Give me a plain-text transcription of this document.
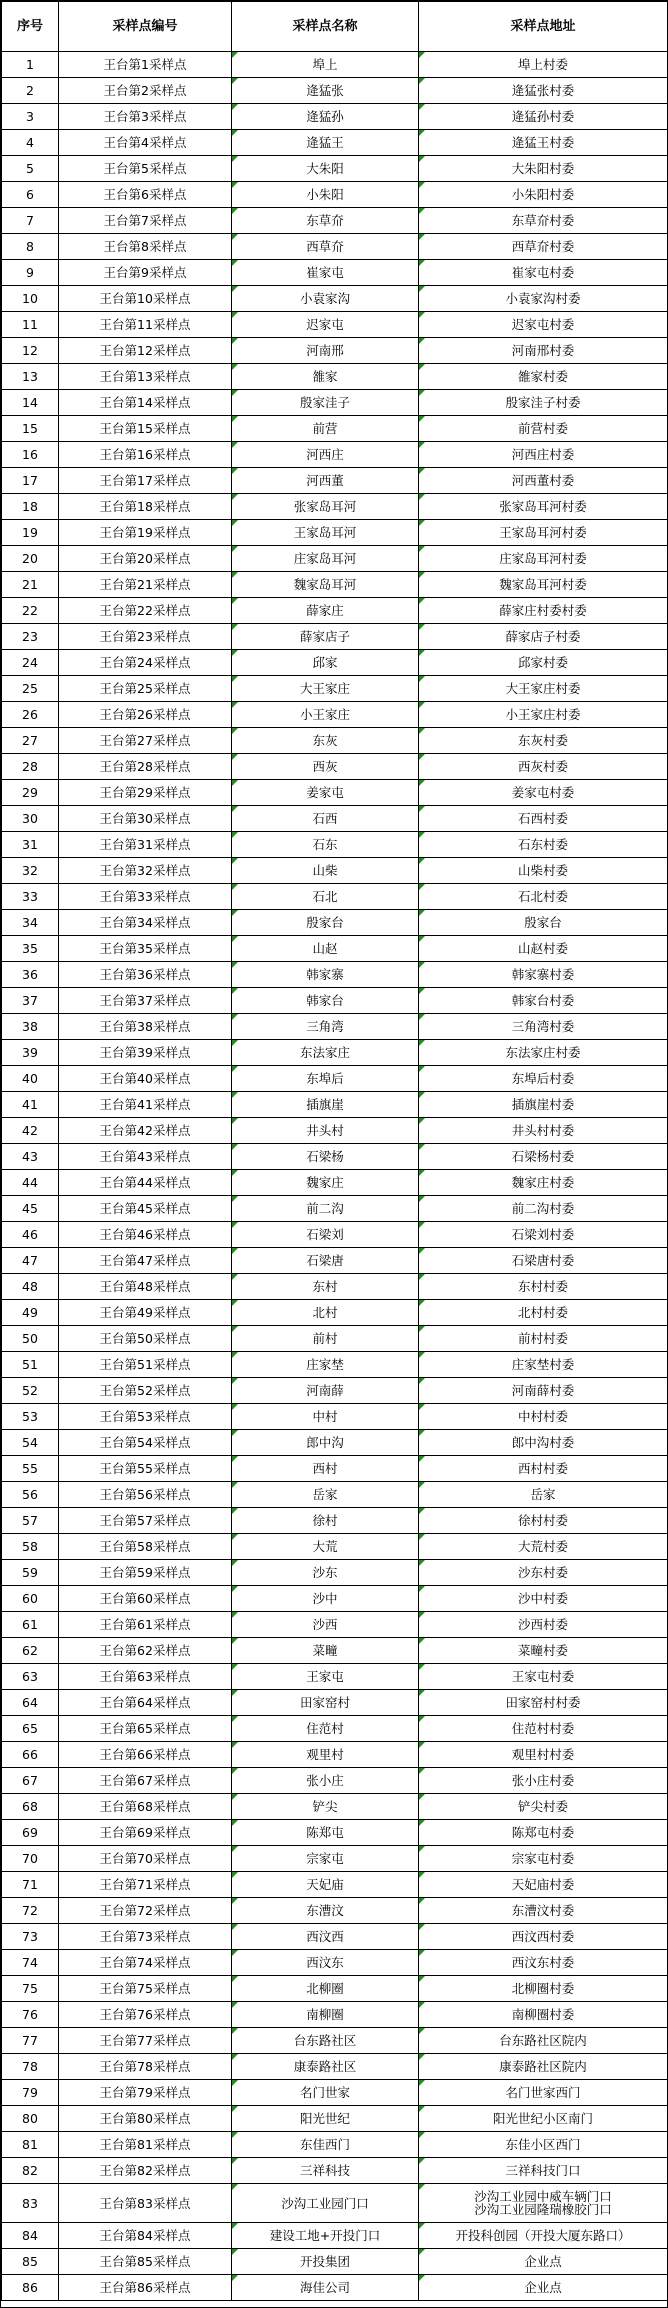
序号	采样点编号	采样点名称	采样点地址
1	王台第1采样点	埠上	埠上村委
2	王台第2采样点	逄猛张	逄猛张村委
3	王台第3采样点	逄猛孙	逄猛孙村委
4	王台第4采样点	逄猛王	逄猛王村委
5	王台第5采样点	大朱阳	大朱阳村委
6	王台第6采样点	小朱阳	小朱阳村委
7	王台第7采样点	东草夼	东草夼村委
8	王台第8采样点	西草夼	西草夼村委
9	王台第9采样点	崔家屯	崔家屯村委
10	王台第10采样点	小袁家沟	小袁家沟村委
11	王台第11采样点	迟家屯	迟家屯村委
12	王台第12采样点	河南邢	河南邢村委
13	王台第13采样点	雒家	雒家村委
14	王台第14采样点	殷家洼子	殷家洼子村委
15	王台第15采样点	前营	前营村委
16	王台第16采样点	河西庄	河西庄村委
17	王台第17采样点	河西董	河西董村委
18	王台第18采样点	张家岛耳河	张家岛耳河村委
19	王台第19采样点	王家岛耳河	王家岛耳河村委
20	王台第20采样点	庄家岛耳河	庄家岛耳河村委
21	王台第21采样点	魏家岛耳河	魏家岛耳河村委
22	王台第22采样点	薛家庄	薛家庄村委村委
23	王台第23采样点	薛家店子	薛家店子村委
24	王台第24采样点	邱家	邱家村委
25	王台第25采样点	大王家庄	大王家庄村委
26	王台第26采样点	小王家庄	小王家庄村委
27	王台第27采样点	东灰	东灰村委
28	王台第28采样点	西灰	西灰村委
29	王台第29采样点	姜家屯	姜家屯村委
30	王台第30采样点	石西	石西村委
31	王台第31采样点	石东	石东村委
32	王台第32采样点	山柴	山柴村委
33	王台第33采样点	石北	石北村委
34	王台第34采样点	殷家台	殷家台
35	王台第35采样点	山赵	山赵村委
36	王台第36采样点	韩家寨	韩家寨村委
37	王台第37采样点	韩家台	韩家台村委
38	王台第38采样点	三角湾	三角湾村委
39	王台第39采样点	东法家庄	东法家庄村委
40	王台第40采样点	东埠后	东埠后村委
41	王台第41采样点	插旗崖	插旗崖村委
42	王台第42采样点	井头村	井头村村委
43	王台第43采样点	石梁杨	石梁杨村委
44	王台第44采样点	魏家庄	魏家庄村委
45	王台第45采样点	前二沟	前二沟村委
46	王台第46采样点	石梁刘	石梁刘村委
47	王台第47采样点	石梁唐	石梁唐村委
48	王台第48采样点	东村	东村村委
49	王台第49采样点	北村	北村村委
50	王台第50采样点	前村	前村村委
51	王台第51采样点	庄家埜	庄家埜村委
52	王台第52采样点	河南薛	河南薛村委
53	王台第53采样点	中村	中村村委
54	王台第54采样点	郎中沟	郎中沟村委
55	王台第55采样点	西村	西村村委
56	王台第56采样点	岳家	岳家
57	王台第57采样点	徐村	徐村村委
58	王台第58采样点	大荒	大荒村委
59	王台第59采样点	沙东	沙东村委
60	王台第60采样点	沙中	沙中村委
61	王台第61采样点	沙西	沙西村委
62	王台第62采样点	菜疃	菜疃村委
63	王台第63采样点	王家屯	王家屯村委
64	王台第64采样点	田家窑村	田家窑村村委
65	王台第65采样点	住范村	住范村村委
66	王台第66采样点	观里村	观里村村委
67	王台第67采样点	张小庄	张小庄村委
68	王台第68采样点	铲尖	铲尖村委
69	王台第69采样点	陈郑屯	陈郑屯村委
70	王台第70采样点	宗家屯	宗家屯村委
71	王台第71采样点	天妃庙	天妃庙村委
72	王台第72采样点	东漕汶	东漕汶村委
73	王台第73采样点	西汶西	西汶西村委
74	王台第74采样点	西汶东	西汶东村委
75	王台第75采样点	北柳圈	北柳圈村委
76	王台第76采样点	南柳圈	南柳圈村委
77	王台第77采样点	台东路社区	台东路社区院内
78	王台第78采样点	康泰路社区	康泰路社区院内
79	王台第79采样点	名门世家	名门世家西门
80	王台第80采样点	阳光世纪	阳光世纪小区南门
81	王台第81采样点	东佳西门	东佳小区西门
82	王台第82采样点	三祥科技	三祥科技门口
83	王台第83采样点	沙沟工业园门口	沙沟工业园中威车辆门口
沙沟工业园隆瑞橡胶门口

84	王台第84采样点	建设工地+开投门口	开投科创园（开投大厦东路口）
85	王台第85采样点	开投集团	企业点
86	王台第86采样点	海佳公司	企业点
